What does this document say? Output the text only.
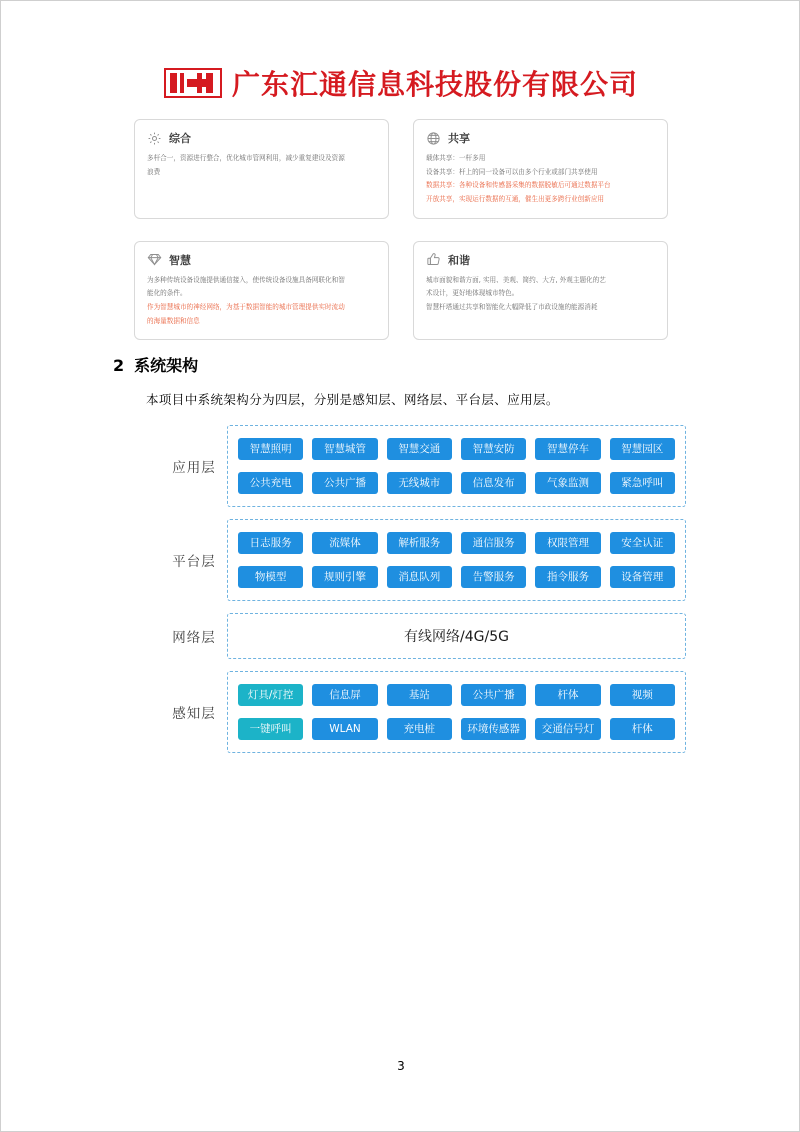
广东汇通信息科技股份有限公司
综合

多杆合一，资源进行整合，优化城市管网利用，减少重复建设及资源

浪费

共享

载体共享：一杆多用

设备共享：杆上的同一设备可以由多个行业或部门共享使用

数据共享：各种设备和传感器采集的数据脱敏后可通过数据平台

开放共享，实现运行数据的互通，催生出更多跨行业创新应用

智慧

为多种传统设备设施提供通信接入，使传统设备设施具备网联化和智

能化的条件。

作为智慧城市的神经网络，为基于数据智能的城市管理提供实时流动

的海量数据和信息

和谐

城市面貌和谐方面, 实用、美观、简约、大方, 外观主题化的艺

术设计，更好地体现城市特色。

智慧杆塔通过共享和智能化大幅降低了市政设施的能源消耗

2 系统架构
本项目中系统架构分为四层，分别是感知层、网络层、平台层、应用层。
应用层
智慧照明	智慧城管	智慧交通	智慧安防	智慧停车	智慧园区
公共充电	公共广播	无线城市	信息发布	气象监测	紧急呼叫
平台层
日志服务	流媒体	解析服务	通信服务	权限管理	安全认证
物模型	规则引擎	消息队列	告警服务	指令服务	设备管理
网络层	有线网络/4G/5G
感知层
灯具/灯控	信息屏	基站	公共广播	杆体	视频
一键呼叫	WLAN	充电桩	环境传感器	交通信号灯	杆体
3
